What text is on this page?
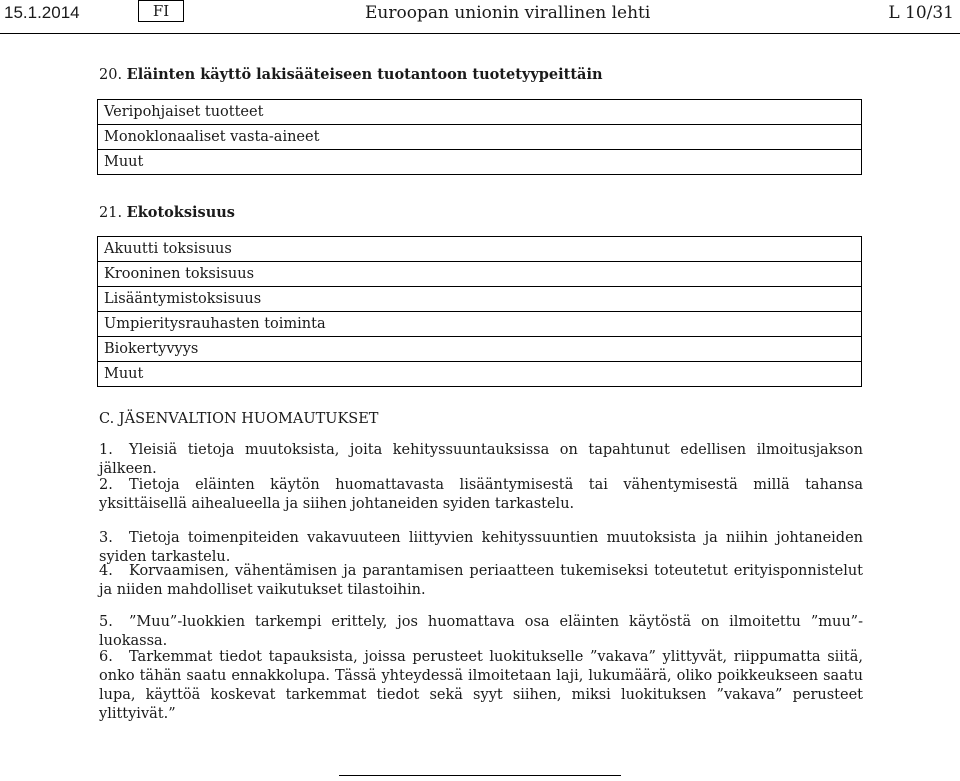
15.1.2014	FI	Euroopan unionin virallinen lehti	L 10/31
20. Eläinten käyttö lakisääteiseen tuotantoon tuotetyypeittäin
Veripohjaiset tuotteet
Monoklonaaliset vasta-aineet
Muut
21. Ekotoksisuus
Akuutti toksisuus
Krooninen toksisuus
Lisääntymistoksisuus
Umpieritysrauhasten toiminta
Biokertyvyys
Muut
C. JÄSENVALTION HUOMAUTUKSET
1. Yleisiä tietoja muutoksista, joita kehityssuuntauksissa on tapahtunut edellisen ilmoitusjakson jälkeen.
2. Tietoja eläinten käytön huomattavasta lisääntymisestä tai vähentymisestä millä tahansa yksittäisellä aihealueella ja siihen johtaneiden syiden tarkastelu.
3. Tietoja toimenpiteiden vakavuuteen liittyvien kehityssuuntien muutoksista ja niihin johtaneiden syiden tarkastelu.
4. Korvaamisen, vähentämisen ja parantamisen periaatteen tukemiseksi toteutetut erityisponnistelut ja niiden mahdolliset vaikutukset tilastoihin.
5. ”Muu”-luokkien tarkempi erittely, jos huomattava osa eläinten käytöstä on ilmoitettu ”muu”-luokassa.
6. Tarkemmat tiedot tapauksista, joissa perusteet luokitukselle ”vakava” ylittyvät, riippumatta siitä, onko tähän saatu ennakkolupa. Tässä yhteydessä ilmoitetaan laji, lukumäärä, oliko poikkeukseen saatu lupa, käyttöä koskevat tarkemmat tiedot sekä syyt siihen, miksi luokituksen ”vakava” perusteet ylittyivät.”
